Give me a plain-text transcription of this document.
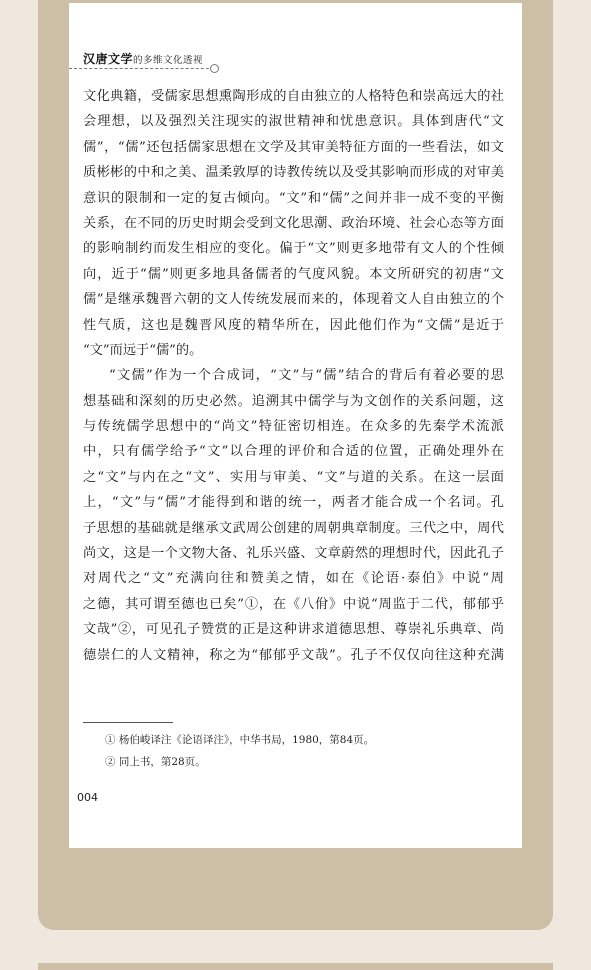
汉唐文学的多维文化透视
文化典籍，受儒家思想熏陶形成的自由独立的人格特色和崇高远大的社
会理想，以及强烈关注现实的淑世精神和忧患意识。具体到唐代“文
儒”，“儒”还包括儒家思想在文学及其审美特征方面的一些看法，如文
质彬彬的中和之美、温柔敦厚的诗教传统以及受其影响而形成的对审美
意识的限制和一定的复古倾向。“文”和“儒”之间并非一成不变的平衡
关系，在不同的历史时期会受到文化思潮、政治环境、社会心态等方面
的影响制约而发生相应的变化。偏于“文”则更多地带有文人的个性倾
向，近于“儒”则更多地具备儒者的气度风貌。本文所研究的初唐“文
儒”是继承魏晋六朝的文人传统发展而来的，体现着文人自由独立的个
性气质，这也是魏晋风度的精华所在，因此他们作为“文儒”是近于
“文”而远于“儒”的。
“文儒”作为一个合成词，“文”与“儒”结合的背后有着必要的思
想基础和深刻的历史必然。追溯其中儒学与为文创作的关系问题，这
与传统儒学思想中的“尚文”特征密切相连。在众多的先秦学术流派
中，只有儒学给予“文”以合理的评价和合适的位置，正确处理外在
之“文”与内在之“文”、实用与审美、“文”与道的关系。在这一层面
上，“文”与“儒”才能得到和谐的统一，两者才能合成一个名词。孔
子思想的基础就是继承文武周公创建的周朝典章制度。三代之中，周代
尚文，这是一个文物大备、礼乐兴盛、文章蔚然的理想时代，因此孔子
对周代之“文”充满向往和赞美之情，如在《论语·泰伯》中说“周
之德，其可谓至德也已矣”①，在《八佾》中说“周监于二代，郁郁乎
文哉”②，可见孔子赞赏的正是这种讲求道德思想、尊崇礼乐典章、尚
德崇仁的人文精神，称之为“郁郁乎文哉”。孔子不仅仅向往这种充满
① 杨伯峻译注《论语译注》，中华书局，1980，第84页。
② 同上书，第28页。
004
